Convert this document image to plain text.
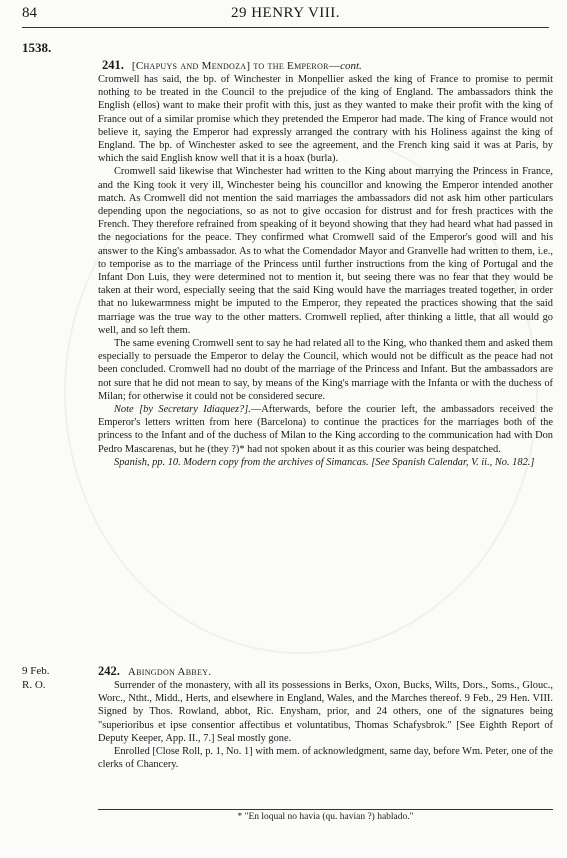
84	29 HENRY VIII.
1538.

241. [Chapuys and Mendoza] to the Emperor—cont.

Cromwell has said, the bp. of Winchester in Monpellier asked the king of France to promise to permit nothing to be treated in the Council to the prejudice of the king of England. The ambassadors think the English (ellos) want to make their profit with this, just as they wanted to make their profit with the king of France out of a similar promise which they pretended the Emperor had made. The king of France would not believe it, saying the Emperor had expressly arranged the contrary with his Holiness against the king of England. The bp. of Winchester asked to see the agreement, and the French king said it was at Paris, by which the said English know well that it is a hoax (burla).

Cromwell said likewise that Winchester had written to the King about marrying the Princess in France, and the King took it very ill, Winchester being his councillor and knowing the Emperor intended another match. As Cromwell did not mention the said marriages the ambassadors did not ask him other particulars depending upon the negociations, so as not to give occasion for distrust and for fresh practices with the French. They therefore refrained from speaking of it beyond showing that they had heard what had passed in the negociations for the peace. They confirmed what Cromwell said of the Emperor's good will and his answer to the King's ambassador. As to what the Comendador Mayor and Granvelle had written to them, i.e., to temporise as to the marriage of the Princess until further instructions from the king of Portugal and the Infant Don Luis, they were determined not to mention it, but seeing there was no fear that they would be taken at their word, especially seeing that the said King would have the marriages treated together, in order that no lukewarmness might be imputed to the Emperor, they repeated the practices showing that the said marriage was the true way to the other matters. Cromwell replied, after thinking a little, that all would go well, and so left them.

The same evening Cromwell sent to say he had related all to the King, who thanked them and asked them especially to persuade the Emperor to delay the Council, which would not be difficult as the peace had not been concluded. Cromwell had no doubt of the marriage of the Princess and Infant. But the ambassadors are not sure that he did not mean to say, by means of the King's marriage with the Infanta or with the duchess of Milan; for otherwise it could not be considered secure.

Note [by Secretary Idiaquez?].—Afterwards, before the courier left, the ambassadors received the Emperor's letters written from here (Barcelona) to continue the practices for the marriages both of the princess to the Infant and of the duchess of Milan to the King according to the communication had with Don Pedro Mascarenas, but he (they ?)* had not spoken about it as this courier was being despatched.

Spanish, pp. 10. Modern copy from the archives of Simancas. [See Spanish Calendar, V. ii., No. 182.]

9 Feb.
R. O.

242. Abingdon Abbey.

Surrender of the monastery, with all its possessions in Berks, Oxon, Bucks, Wilts, Dors., Soms., Glouc., Worc., Ntht., Midd., Herts, and elsewhere in England, Wales, and the Marches thereof. 9 Feb., 29 Hen. VIII. Signed by Thos. Rowland, abbot, Ric. Enysham, prior, and 24 others, one of the signatures being "superioribus et ipse consentior affectibus et voluntatibus, Thomas Schafysbrok." [See Eighth Report of Deputy Keeper, App. II., 7.] Seal mostly gone.

Enrolled [Close Roll, p. 1, No. 1] with mem. of acknowledgment, same day, before Wm. Peter, one of the clerks of Chancery.

* "En loqual no havia (qu. havian ?) hablado."
